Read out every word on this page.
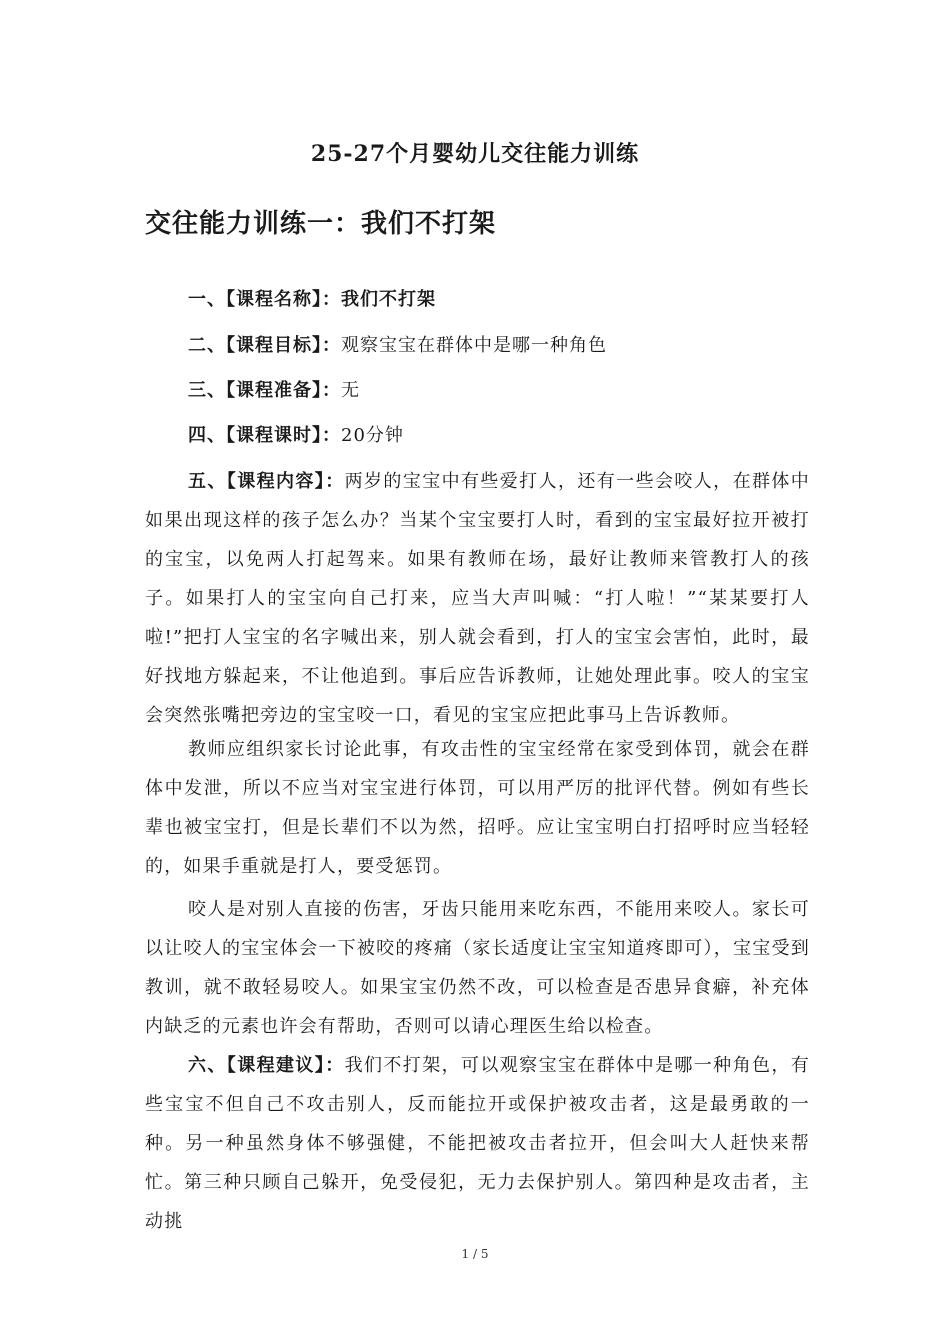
25-27个月婴幼儿交往能力训练
交往能力训练一：我们不打架
一、【课程名称】：我们不打架
二、【课程目标】：观察宝宝在群体中是哪一种角色
三、【课程准备】：无
四、【课程课时】：20分钟
五、【课程内容】：两岁的宝宝中有些爱打人，还有一些会咬人，在群体中如果出现这样的孩子怎么办？当某个宝宝要打人时，看到的宝宝最好拉开被打的宝宝，以免两人打起驾来。如果有教师在场，最好让教师来管教打人的孩子。如果打人的宝宝向自己打来，应当大声叫喊：“打人啦！”“某某要打人啦!”把打人宝宝的名字喊出来，别人就会看到，打人的宝宝会害怕，此时，最好找地方躲起来，不让他追到。事后应告诉教师，让她处理此事。咬人的宝宝会突然张嘴把旁边的宝宝咬一口，看见的宝宝应把此事马上告诉教师。
教师应组织家长讨论此事，有攻击性的宝宝经常在家受到体罚，就会在群体中发泄，所以不应当对宝宝进行体罚，可以用严厉的批评代替。例如有些长辈也被宝宝打，但是长辈们不以为然，招呼。应让宝宝明白打招呼时应当轻轻的，如果手重就是打人，要受惩罚。
咬人是对别人直接的伤害，牙齿只能用来吃东西，不能用来咬人。家长可以让咬人的宝宝体会一下被咬的疼痛（家长适度让宝宝知道疼即可），宝宝受到教训，就不敢轻易咬人。如果宝宝仍然不改，可以检查是否患异食癖，补充体内缺乏的元素也许会有帮助，否则可以请心理医生给以检查。
六、【课程建议】：我们不打架，可以观察宝宝在群体中是哪一种角色，有些宝宝不但自己不攻击别人，反而能拉开或保护被攻击者，这是最勇敢的一种。另一种虽然身体不够强健，不能把被攻击者拉开，但会叫大人赶快来帮忙。第三种只顾自己躲开，免受侵犯，无力去保护别人。第四种是攻击者，主动挑
1 / 5
